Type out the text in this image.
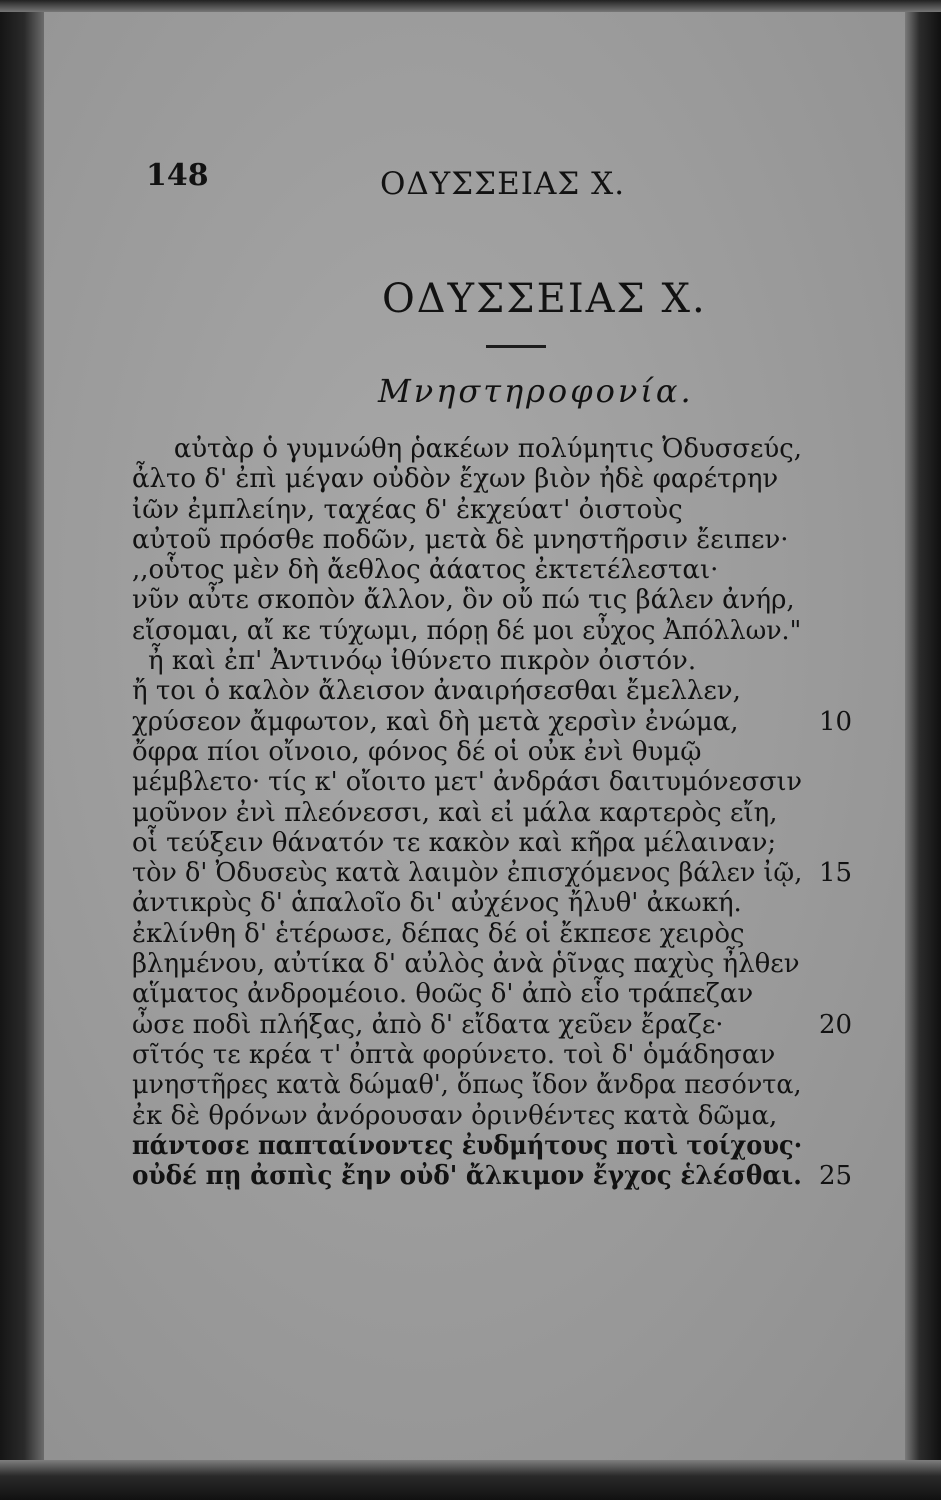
148	ΟΔΥΣΣΕΙΑΣ Χ.
ΟΔΥΣΣΕΙΑΣ Χ.
Μνηστηροφονία.
αὐτὰρ ὁ γυμνώθη ῥακέων πολύμητις Ὀδυσσεύς,
ἆλτο δ' ἐπὶ μέγαν οὐδὸν ἔχων βιὸν ἠδὲ φαρέτρην
ἰῶν ἐμπλείην, ταχέας δ' ἐκχεύατ' ὀιστοὺς
αὐτοῦ πρόσθε ποδῶν, μετὰ δὲ μνηστῆρσιν ἔειπεν·
,,οὗτος μὲν δὴ ἄεθλος ἀάατος ἐκτετέλεσται·
νῦν αὖτε σκοπὸν ἄλλον, ὃν οὔ πώ τις βάλεν ἀνήρ,
εἴσομαι, αἴ κε τύχωμι, πόρῃ δέ μοι εὖχος Ἀπόλλων."
ἦ καὶ ἐπ' Ἀντινόῳ ἰθύνετο πικρὸν ὀιστόν.
ἤ τοι ὁ καλὸν ἄλεισον ἀναιρήσεσθαι ἔμελλεν,
χρύσεον ἄμφωτον, καὶ δὴ μετὰ χερσὶν ἐνώμα,	10
ὄφρα πίοι οἴνοιο, φόνος δέ οἱ οὐκ ἐνὶ θυμῷ
μέμβλετο· τίς κ' οἴοιτο μετ' ἀνδράσι δαιτυμόνεσσιν
μοῦνον ἐνὶ πλεόνεσσι, καὶ εἰ μάλα καρτερὸς εἴη,
οἷ τεύξειν θάνατόν τε κακὸν καὶ κῆρα μέλαιναν;
τὸν δ' Ὀδυσεὺς κατὰ λαιμὸν ἐπισχόμενος βάλεν ἰῷ, 15
ἀντικρὺς δ' ἁπαλοῖο δι' αὐχένος ἤλυθ' ἀκωκή.
ἐκλίνθη δ' ἑτέρωσε, δέπας δέ οἱ ἔκπεσε χειρὸς
βλημένου, αὐτίκα δ' αὐλὸς ἀνὰ ῥῖνας παχὺς ἦλθεν
αἵματος ἀνδρομέοιο. θοῶς δ' ἀπὸ εἷο τράπεζαν
ὦσε ποδὶ πλήξας, ἀπὸ δ' εἴδατα χεῦεν ἔραζε·	20
σῖτός τε κρέα τ' ὀπτὰ φορύνετο. τοὶ δ' ὁμάδησαν
μνηστῆρες κατὰ δώμαθ', ὅπως ἴδον ἄνδρα πεσόντα,
ἐκ δὲ θρόνων ἀνόρουσαν ὀρινθέντες κατὰ δῶμα,
πάντοσε παπταίνοντες ἐυδμήτους ποτὶ τοίχους·
οὐδέ πῃ ἀσπὶς ἔην οὐδ' ἄλκιμον ἔγχος ἑλέσθαι. 25
